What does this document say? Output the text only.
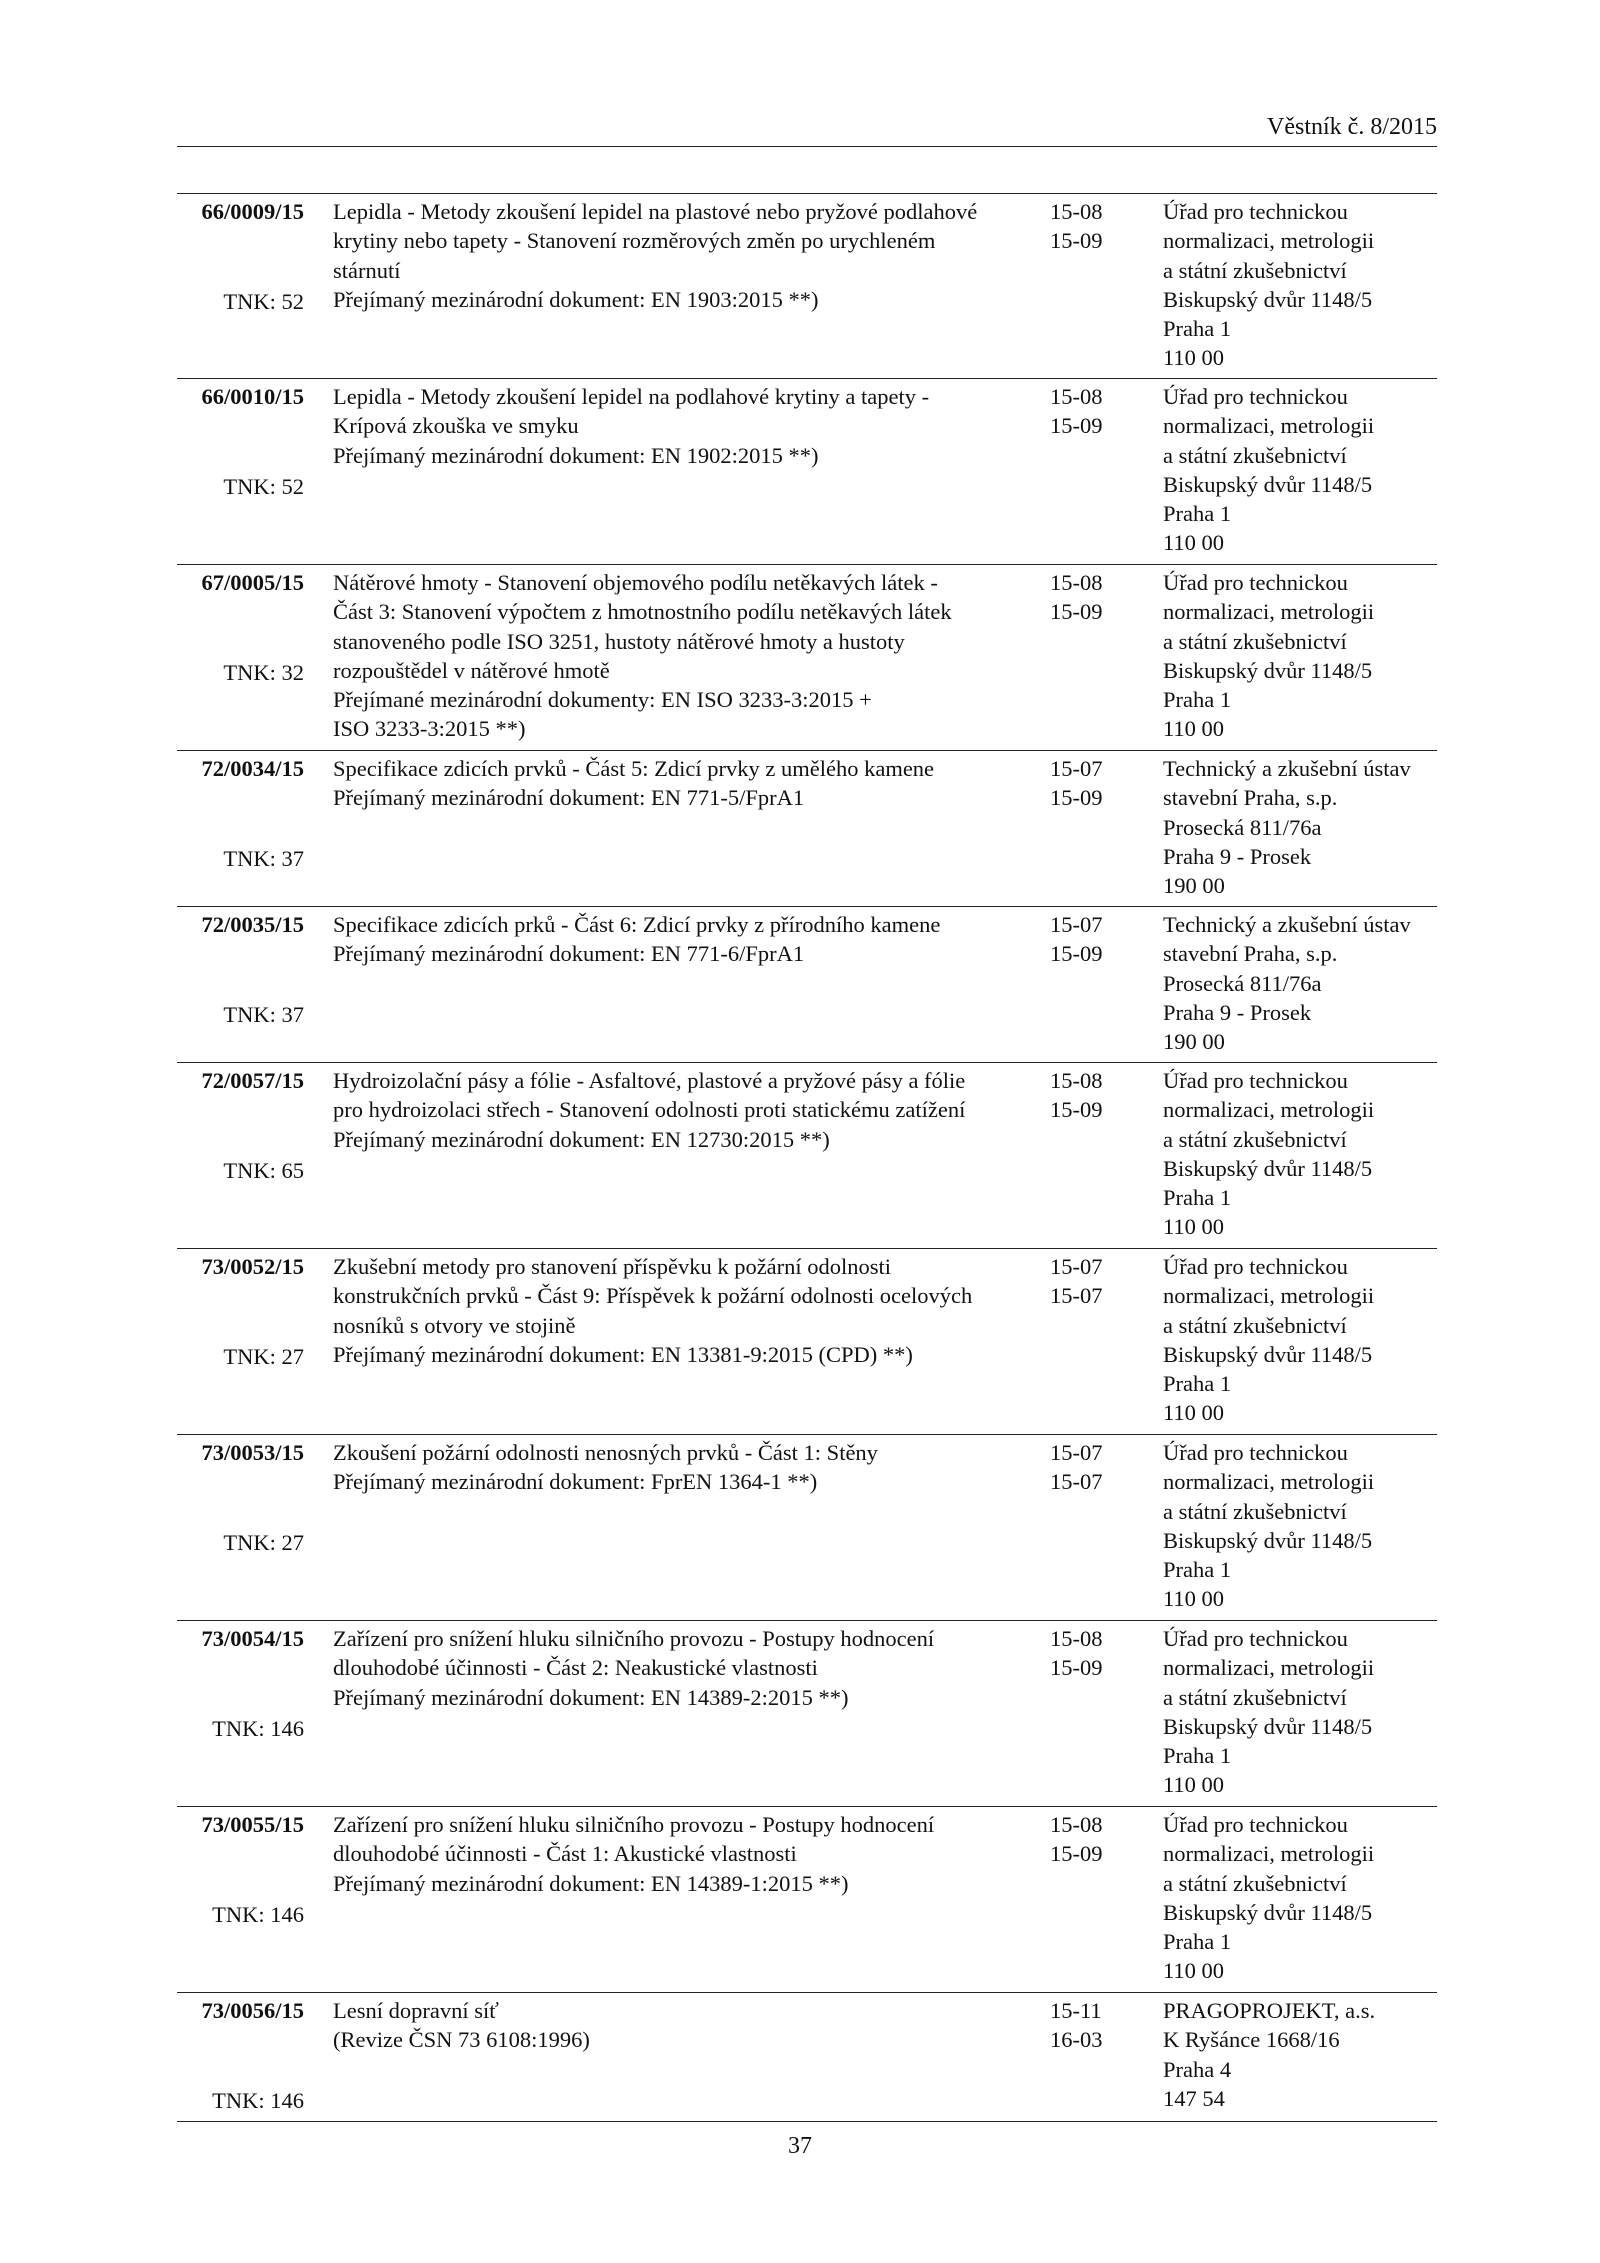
Věstník č. 8/2015
66/0009/15
TNK: 52
Lepidla - Metody zkoušení lepidel na plastové nebo pryžové podlahové
krytiny nebo tapety - Stanovení rozměrových změn po urychleném
stárnutí
Přejímaný mezinárodní dokument: EN 1903:2015 **)
15-08
15-09
Úřad pro technickou
normalizaci, metrologii
a státní zkušebnictví
Biskupský dvůr 1148/5
Praha 1
110 00
66/0010/15
TNK: 52
Lepidla - Metody zkoušení lepidel na podlahové krytiny a tapety -
Krípová zkouška ve smyku
Přejímaný mezinárodní dokument: EN 1902:2015 **)
15-08
15-09
Úřad pro technickou
normalizaci, metrologii
a státní zkušebnictví
Biskupský dvůr 1148/5
Praha 1
110 00
67/0005/15
TNK: 32
Nátěrové hmoty - Stanovení objemového podílu netěkavých látek -
Část 3: Stanovení výpočtem z hmotnostního podílu netěkavých látek
stanoveného podle ISO 3251, hustoty nátěrové hmoty a hustoty
rozpouštědel v nátěrové hmotě
Přejímané mezinárodní dokumenty: EN ISO 3233-3:2015 +
ISO 3233-3:2015 **)
15-08
15-09
Úřad pro technickou
normalizaci, metrologii
a státní zkušebnictví
Biskupský dvůr 1148/5
Praha 1
110 00
72/0034/15
TNK: 37
Specifikace zdicích prvků - Část 5: Zdicí prvky z umělého kamene
Přejímaný mezinárodní dokument: EN 771-5/FprA1
15-07
15-09
Technický a zkušební ústav
stavební Praha, s.p.
Prosecká 811/76a
Praha 9 - Prosek
190 00
72/0035/15
TNK: 37
Specifikace zdicích prků - Část 6: Zdicí prvky z přírodního kamene
Přejímaný mezinárodní dokument: EN 771-6/FprA1
15-07
15-09
Technický a zkušební ústav
stavební Praha, s.p.
Prosecká 811/76a
Praha 9 - Prosek
190 00
72/0057/15
TNK: 65
Hydroizolační pásy a fólie - Asfaltové, plastové a pryžové pásy a fólie
pro hydroizolaci střech - Stanovení odolnosti proti statickému zatížení
Přejímaný mezinárodní dokument: EN 12730:2015 **)
15-08
15-09
Úřad pro technickou
normalizaci, metrologii
a státní zkušebnictví
Biskupský dvůr 1148/5
Praha 1
110 00
73/0052/15
TNK: 27
Zkušební metody pro stanovení příspěvku k požární odolnosti
konstrukčních prvků - Část 9: Příspěvek k požární odolnosti ocelových
nosníků s otvory ve stojině
Přejímaný mezinárodní dokument: EN 13381-9:2015 (CPD) **)
15-07
15-07
Úřad pro technickou
normalizaci, metrologii
a státní zkušebnictví
Biskupský dvůr 1148/5
Praha 1
110 00
73/0053/15
TNK: 27
Zkoušení požární odolnosti nenosných prvků - Část 1: Stěny
Přejímaný mezinárodní dokument: FprEN 1364-1 **)
15-07
15-07
Úřad pro technickou
normalizaci, metrologii
a státní zkušebnictví
Biskupský dvůr 1148/5
Praha 1
110 00
73/0054/15
TNK: 146
Zařízení pro snížení hluku silničního provozu - Postupy hodnocení
dlouhodobé účinnosti - Část 2: Neakustické vlastnosti
Přejímaný mezinárodní dokument: EN 14389-2:2015 **)
15-08
15-09
Úřad pro technickou
normalizaci, metrologii
a státní zkušebnictví
Biskupský dvůr 1148/5
Praha 1
110 00
73/0055/15
TNK: 146
Zařízení pro snížení hluku silničního provozu - Postupy hodnocení
dlouhodobé účinnosti - Část 1: Akustické vlastnosti
Přejímaný mezinárodní dokument: EN 14389-1:2015 **)
15-08
15-09
Úřad pro technickou
normalizaci, metrologii
a státní zkušebnictví
Biskupský dvůr 1148/5
Praha 1
110 00
73/0056/15
TNK: 146
Lesní dopravní síť
(Revize ČSN 73 6108:1996)
15-11
16-03
PRAGOPROJEKT, a.s.
K Ryšánce 1668/16
Praha 4
147 54
37
